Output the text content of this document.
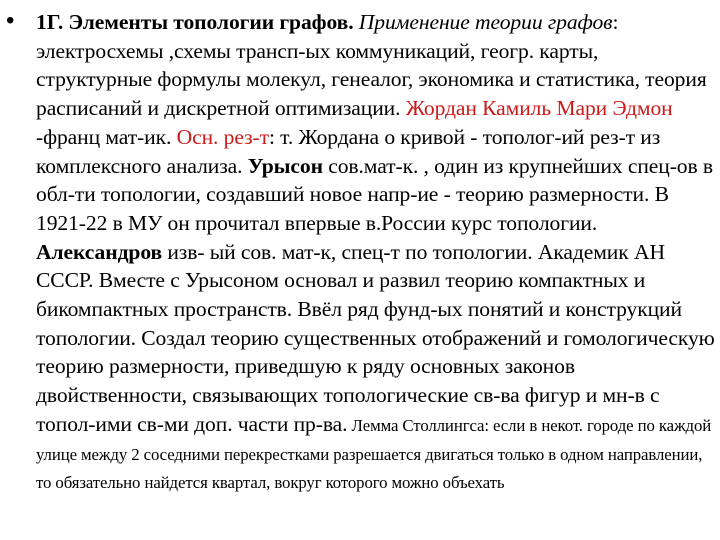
• 1Г. Элементы топологии графов. Применение теории графов: электросхемы ,схемы трансп-ых коммуникаций, геогр. карты, структурные формулы молекул, генеалог, экономика и статистика, теория расписаний и дискретной оптимизации. Жордан Камиль Мари Эдмон -франц мат-ик. Осн. рез-т: т. Жордана о кривой - тополог-ий рез-т из комплексного анализа. Урысон сов.мат-к. , один из крупнейших спец-ов в обл-ти топологии, создавший новое напр-ие - теорию размерности. В 1921-22 в МУ он прочитал впервые в.России курс топологии. Александров изв- ый сов. мат-к, спец-т по топологии. Академик АН СССР. Вместе с Урысоном основал и развил теорию компактных и бикомпактных пространств. Ввёл ряд фунд-ых понятий и конструкций топологии. Создал теорию существенных отображений и гомологическую теорию размерности, приведшую к ряду основных законов двойственности, связывающих топологические св-ва фигур и мн-в с топол-ими св-ми доп. части пр-ва. Лемма Столлингса: если в некот. городе по каждой улице между 2 соседними перекрестками разрешается двигаться только в одном направлении, то обязательно найдется квартал, вокруг которого можно объехать
